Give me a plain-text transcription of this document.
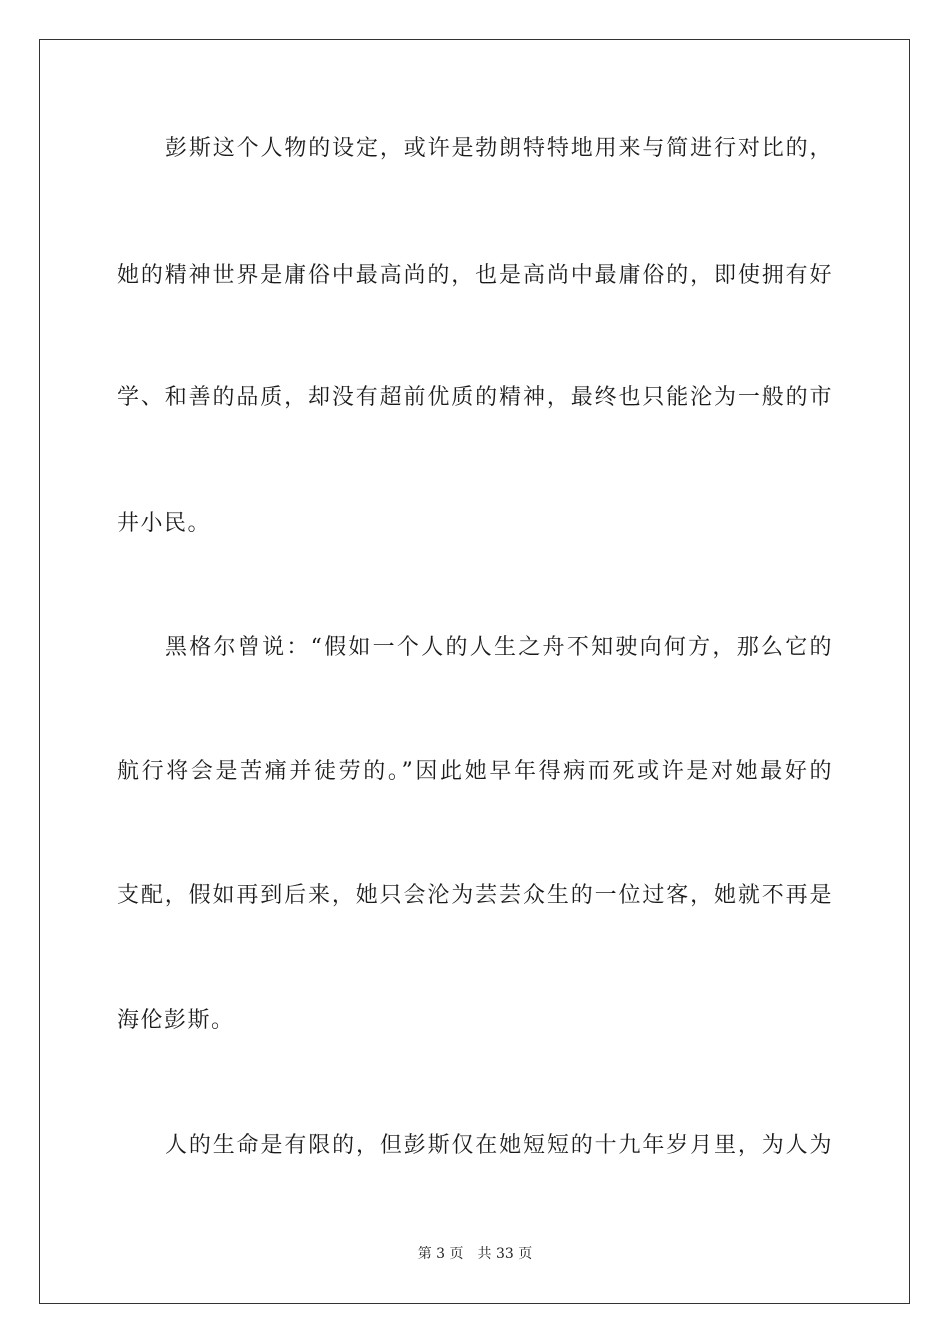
彭斯这个人物的设定，或许是勃朗特特地用来与简进行对比的，
她的精神世界是庸俗中最高尚的，也是高尚中最庸俗的，即使拥有好
学、和善的品质，却没有超前优质的精神，最终也只能沦为一般的市
井小民。
黑格尔曾说：“假如一个人的人生之舟不知驶向何方，那么它的
航行将会是苦痛并徒劳的。”因此她早年得病而死或许是对她最好的
支配，假如再到后来，她只会沦为芸芸众生的一位过客，她就不再是
海伦彭斯。
人的生命是有限的，但彭斯仅在她短短的十九年岁月里，为人为
第 3 页 共 33 页
